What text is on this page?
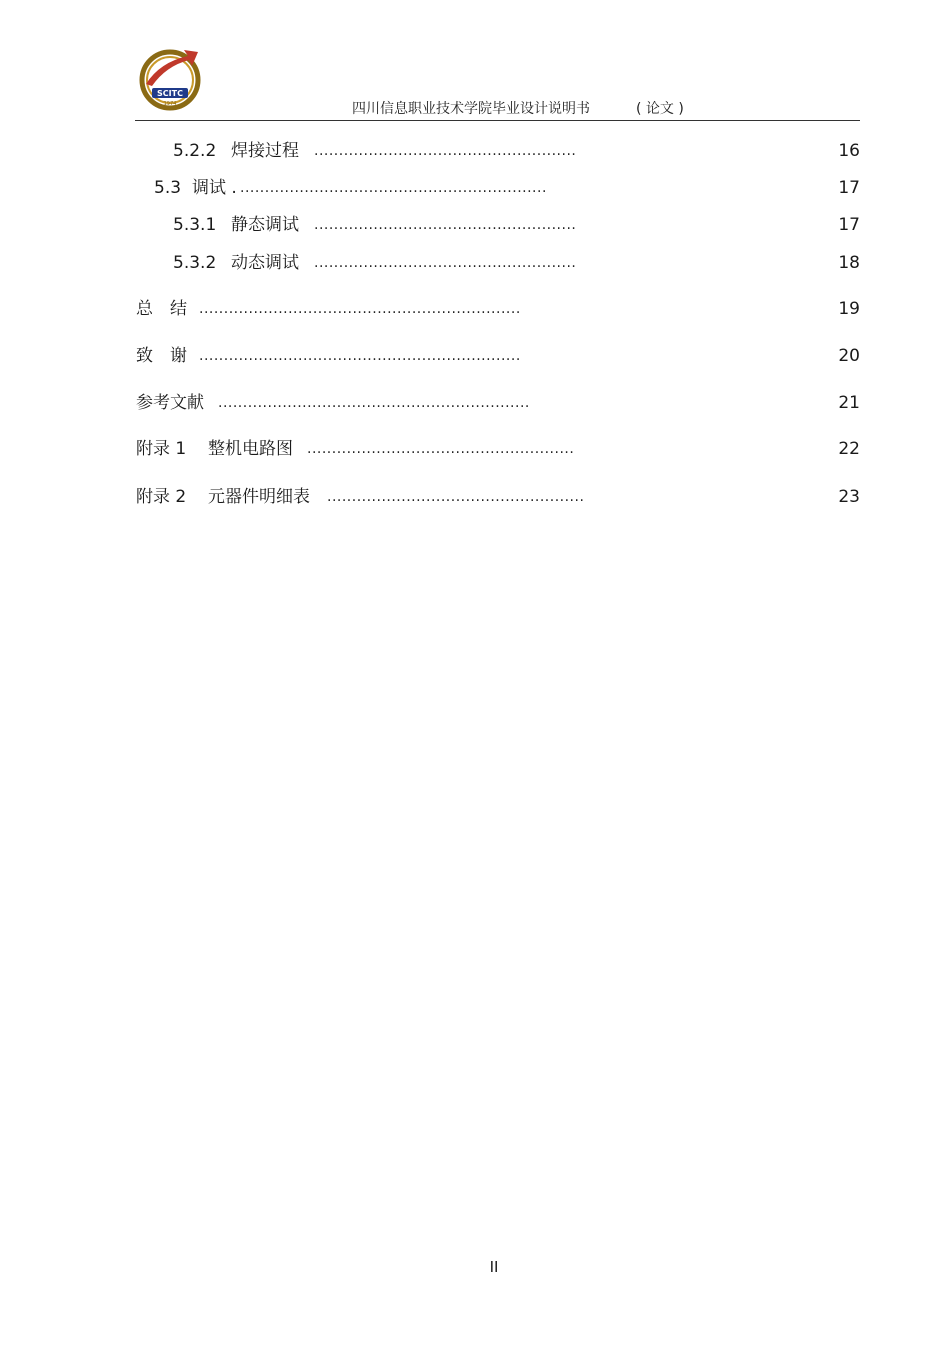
SCITC
1974	四川信息职业技术学院毕业设计说明书	( 论文 )
5.2.2 焊接过程 .....................................................	16
5.3 调试 . ..............................................................	17
5.3.1 静态调试 .....................................................	17
5.3.2 动态调试 .....................................................	18
总　结 .................................................................	19
致　谢 .................................................................	20
参考文献 ...............................................................	21
附录 1 整机电路图 ......................................................	22
附录 2 元器件明细表 ....................................................	23
II
